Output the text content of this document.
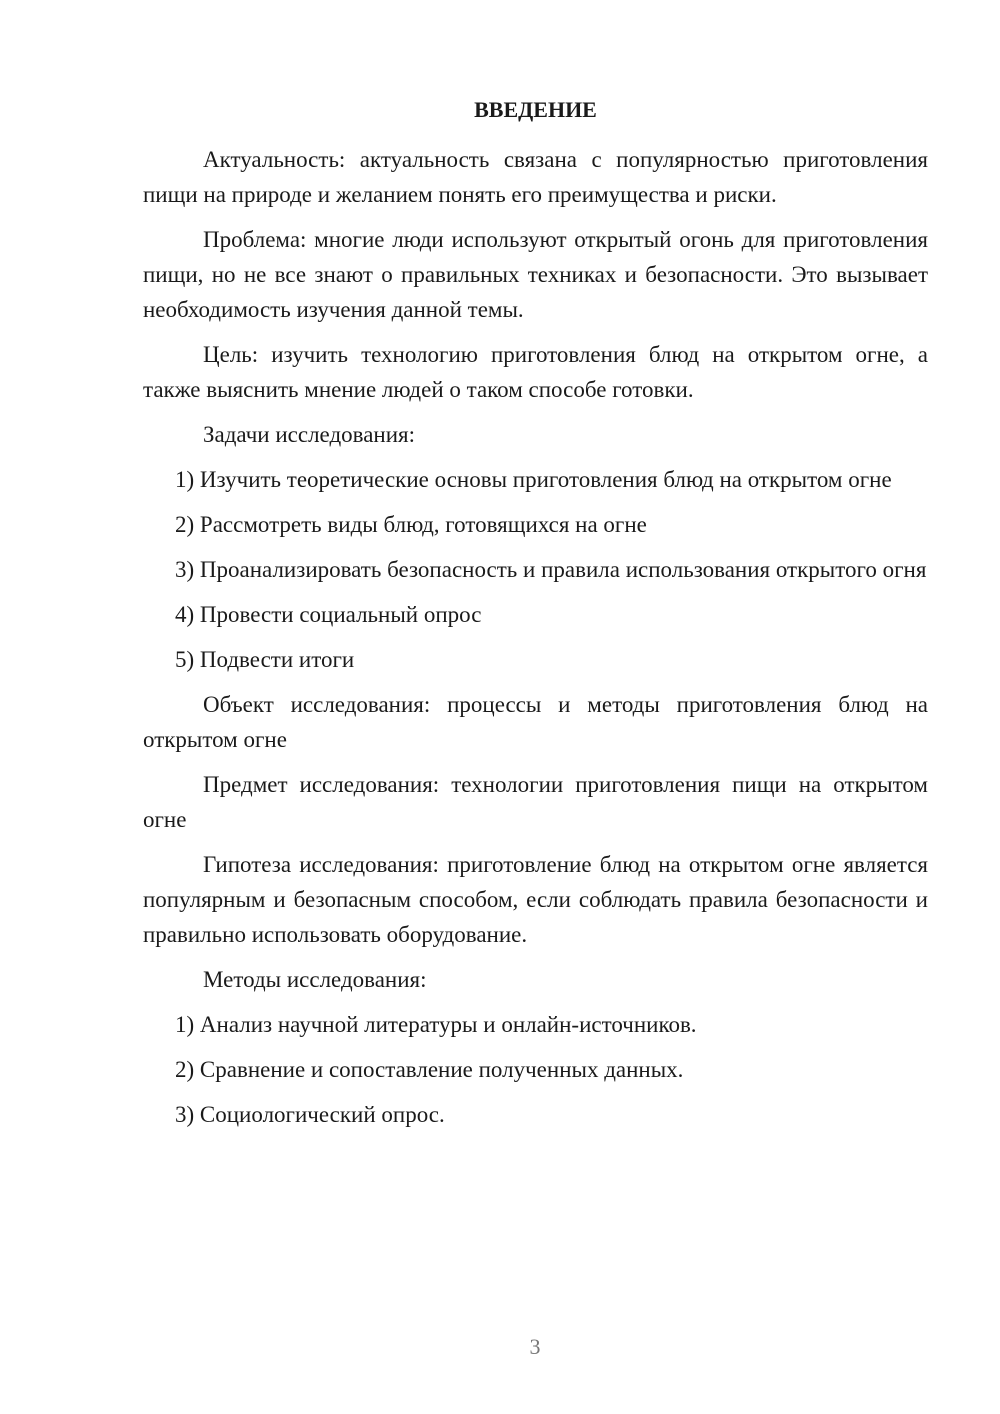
ВВЕДЕНИЕ

Актуальность: актуальность связана с популярностью приготовления пищи на природе и желанием понять его преимущества и риски.

Проблема: многие люди используют открытый огонь для приготовления пищи, но не все знают о правильных техниках и безопасности. Это вызывает необходимость изучения данной темы.

Цель: изучить технологию приготовления блюд на открытом огне, а также выяснить мнение людей о таком способе готовки.

Задачи исследования:

1) Изучить теоретические основы приготовления блюд на открытом огне

2) Рассмотреть виды блюд, готовящихся на огне

3) Проанализировать безопасность и правила использования открытого огня

4) Провести социальный опрос

5) Подвести итоги

Объект исследования: процессы и методы приготовления блюд на открытом огне

Предмет исследования: технологии приготовления пищи на открытом огне

Гипотеза исследования: приготовление блюд на открытом огне является популярным и безопасным способом, если соблюдать правила безопасности и правильно использовать оборудование.

Методы исследования:

1) Анализ научной литературы и онлайн-источников.

2) Сравнение и сопоставление полученных данных.

3) Социологический опрос.

3
